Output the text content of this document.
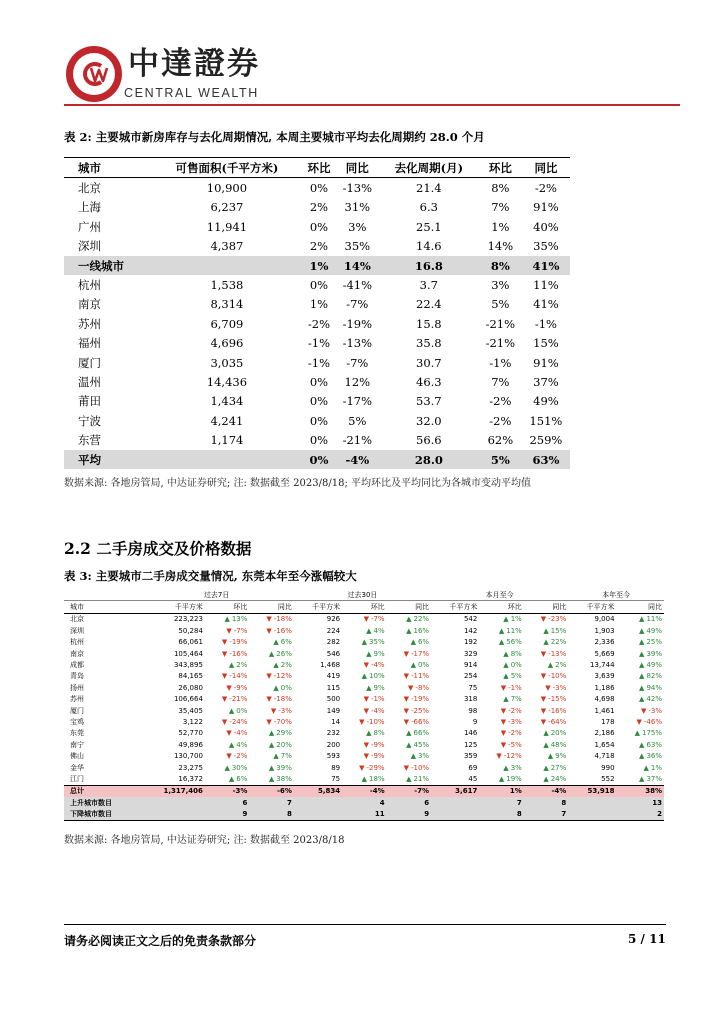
中達證券
CENTRAL WEALTH
表 2: 主要城市新房库存与去化周期情况, 本周主要城市平均去化周期约 28.0 个月
城市	可售面积(千平方米)	环比	同比	去化周期(月)	环比	同比
北京	10,900	0%	-13%	21.4	8%	-2%
上海	6,237	2%	31%	6.3	7%	91%
广州	11,941	0%	3%	25.1	1%	40%
深圳	4,387	2%	35%	14.6	14%	35%
一线城市		1%	14%	16.8	8%	41%
杭州	1,538	0%	-41%	3.7	3%	11%
南京	8,314	1%	-7%	22.4	5%	41%
苏州	6,709	-2%	-19%	15.8	-21%	-1%
福州	4,696	-1%	-13%	35.8	-21%	15%
厦门	3,035	-1%	-7%	30.7	-1%	91%
温州	14,436	0%	12%	46.3	7%	37%
莆田	1,434	0%	-17%	53.7	-2%	49%
宁波	4,241	0%	5%	32.0	-2%	151%
东营	1,174	0%	-21%	56.6	62%	259%
平均		0%	-4%	28.0	5%	63%
数据来源: 各地房管局, 中达证券研究; 注: 数据截至 2023/8/18; 平均环比及平均同比为各城市变动平均值
2.2 二手房成交及价格数据
表 3: 主要城市二手房成交量情况, 东莞本年至今涨幅较大
	过去7日			过去30日			本月至今			本年至今	
城市	千平方米	环比	同比	千平方米	环比	同比	千平方米	环比	同比	千平方米	同比
北京	223,223	▲ 13%	▼ -18%	926	▼ -7%	▲ 22%	542	▲ 1%	▼ -23%	9,004	▲ 11%
深圳	50,284	▼ -7%	▼ -16%	224	▲ 4%	▲ 16%	142	▲ 11%	▲ 15%	1,903	▲ 49%
杭州	66,061	▼ -19%	▲ 6%	282	▲ 35%	▲ 6%	192	▲ 56%	▲ 22%	2,336	▲ 25%
南京	105,464	▼ -16%	▲ 26%	546	▲ 9%	▼ -17%	329	▲ 8%	▼ -13%	5,669	▲ 39%
成都	343,895	▲ 2%	▲ 2%	1,468	▼ -4%	▲ 0%	914	▲ 0%	▲ 2%	13,744	▲ 49%
青岛	84,165	▼ -14%	▼ -12%	419	▲ 10%	▼ -11%	254	▲ 5%	▼ -10%	3,639	▲ 82%
扬州	26,080	▼ -9%	▲ 0%	115	▲ 9%	▼ -8%	75	▼ -1%	▼ -3%	1,186	▲ 94%
苏州	106,664	▼ -21%	▼ -18%	500	▼ -1%	▼ -19%	318	▲ 7%	▼ -15%	4,698	▲ 42%
厦门	35,405	▲ 0%	▼ -3%	149	▼ -4%	▼ -25%	98	▼ -2%	▼ -16%	1,461	▼ -3%
宝鸡	3,122	▼ -24%	▼ -70%	14	▼ -10%	▼ -66%	9	▼ -3%	▼ -64%	178	▼ -46%
东莞	52,770	▼ -4%	▲ 29%	232	▲ 8%	▲ 66%	146	▼ -2%	▲ 20%	2,186	▲ 175%
南宁	49,896	▲ 4%	▲ 20%	200	▼ -9%	▲ 45%	125	▼ -5%	▲ 48%	1,654	▲ 63%
佛山	130,700	▼ -2%	▲ 7%	593	▼ -9%	▲ 3%	359	▼ -12%	▲ 9%	4,718	▲ 36%
金华	23,275	▲ 30%	▲ 39%	89	▼ -29%	▼ -10%	69	▲ 3%	▲ 27%	990	▲ 1%
江门	16,372	▲ 6%	▲ 38%	75	▲ 18%	▲ 21%	45	▲ 19%	▲ 24%	552	▲ 37%
总计	1,317,406	-3%	-6%	5,834	-4%	-7%	3,617	1%	-4%	53,918	38%
上升城市数目		6	7		4	6		7	8		13
下降城市数目		9	8		11	9		8	7		2
数据来源: 各地房管局, 中达证券研究; 注: 数据截至 2023/8/18
请务必阅读正文之后的免责条款部分	5 / 11
